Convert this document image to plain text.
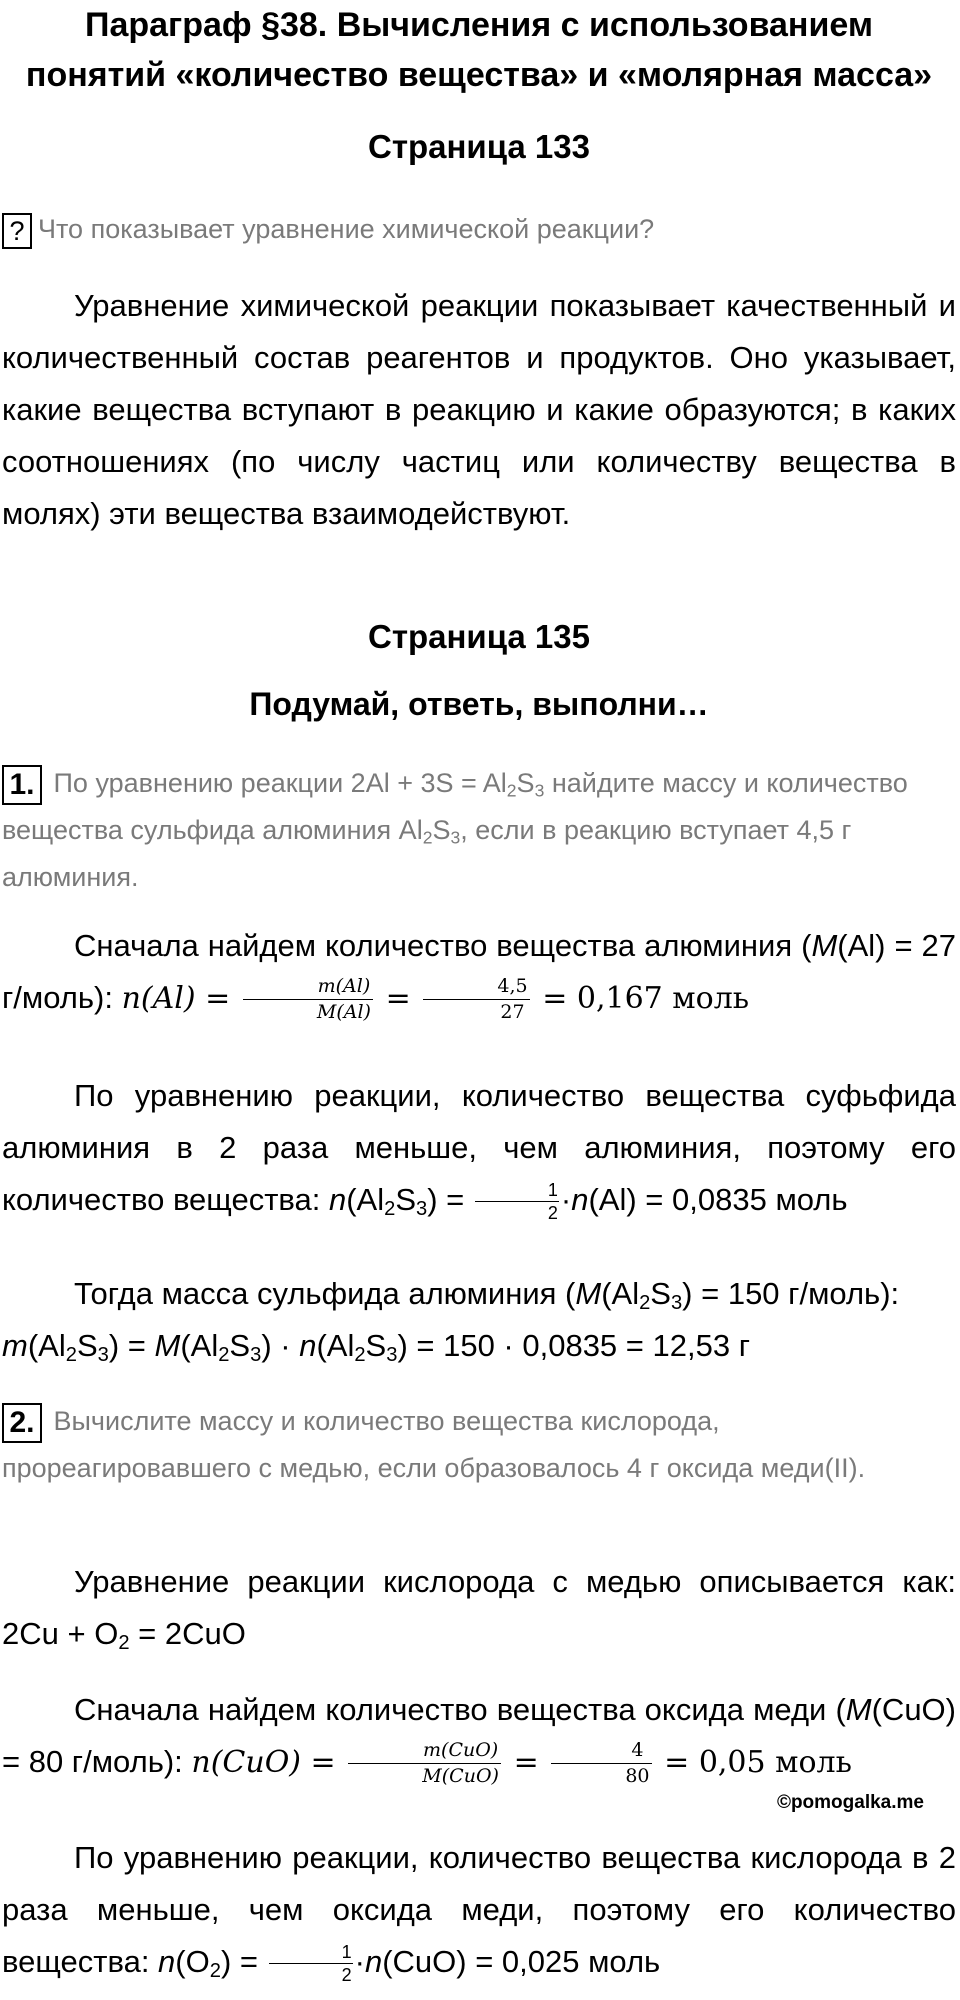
Параграф §38. Вычисления с использованием
понятий «количество вещества» и «молярная масса»
Страница 133
? Что показывает уравнение химической реакции?
Уравнение химической реакции показывает качественный и количественный состав реагентов и продуктов. Оно указывает, какие вещества вступают в реакцию и какие образуются; в каких соотношениях (по числу частиц или количеству вещества в молях) эти вещества взаимодействуют.
Страница 135
Подумай, ответь, выполни…
1. По уравнению реакции $2Al + 3S = Al_2S_3$ найдите массу и количество вещества сульфида алюминия $Al_2S_3$, если в реакцию вступает 4,5 г алюминия.
Сначала найдем количество вещества алюминия (M(Al) = 27 г/моль): $n(Al) = \frac{m(Al)}{M(Al)} = \frac{4,5}{27} = 0,167$ моль
По уравнению реакции, количество вещества суфьфида алюминия в 2 раза меньше, чем алюминия, поэтому его количество вещества: $n(Al_2S_3) = \frac{1}{2} \cdot n(Al) = 0,0835$ моль
Тогда масса сульфида алюминия ($M(Al_2S_3) = 150$ г/моль):
$m(Al_2S_3) = M(Al_2S_3) \cdot n(Al_2S_3) = 150 \cdot 0,0835 = 12,53$ г
2. Вычислите массу и количество вещества кислорода, прореагировавшего с медью, если образовалось 4 г оксида меди(II).
Уравнение реакции кислорода с медью описывается как: $2Cu + O_2 = 2CuO$
Сначала найдем количество вещества оксида меди (M(CuO) = 80 г/моль): $n(CuO) = \frac{\text{m(CuO)}}{\text{M(CuO)}} = \frac{4}{80} = 0,05$ моль
©pomogalka.me
По уравнению реакции, количество вещества кислорода в 2 раза меньше, чем оксида меди, поэтому его количество вещества: $n(O_2) = \frac{1}{2} \cdot n(CuO) = 0,025$ моль
